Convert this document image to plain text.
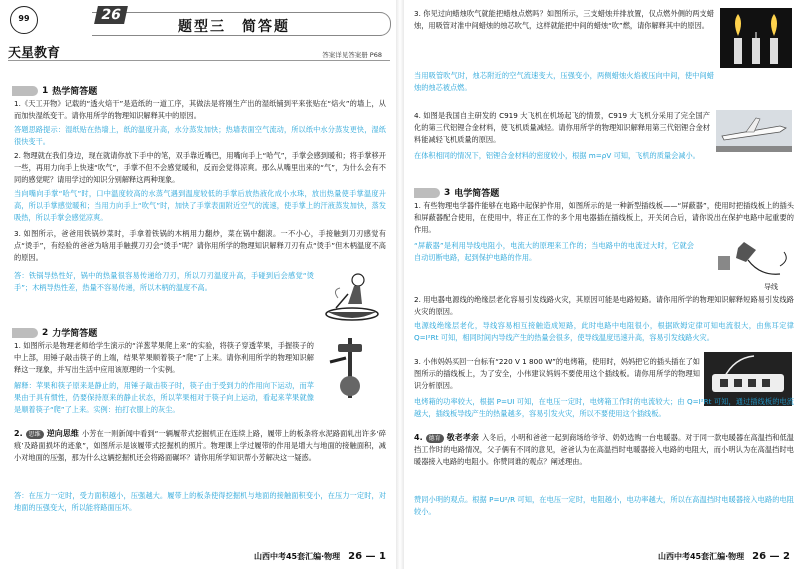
99
天星教育
26
题型三　简答题
答案详见答案册 P68
1 热学简答题
1.《天工开物》记载的“透火焙干”是造纸的一道工序，其做法是将刚生产出的湿纸铺到平来张贴在“焙火”的墙上，从而加快湿纸变干。请你用所学的物理知识解释其中的原因。
答题思路提示：湿纸贴在热墙上，纸的温度升高，水分蒸发加快；热墙表面空气流动，所以纸中水分蒸发更快，湿纸很快变干。
2. 物理就在我们身边，现在就请你放下手中的笔，双手靠近嘴巴，用嘴向手上“哈气”，手掌会感到暖和；将手掌移开一些，再用力向手上快速“吹气”，手掌不但不会感觉暖和，反而会觉得凉爽。那么从嘴里出来的“气”，为什么会有不同的感觉呢？请用学过的知识分别解释这两种现象。
当向嘴向手掌“哈气”时，口中温度较高的水蒸气遇到温度较低的手掌后放热液化成小水珠，放出热量使手掌温度升高，所以手掌感觉暖和；当用力向手上“吹气”时，加快了手掌表面附近空气的流速，使手掌上的汗液蒸发加快，蒸发吸热，所以手掌会感觉凉爽。
3. 如图所示，爸爸用铁锅炒菜时，手拿着铁锅的木柄用力翻炒，菜在锅中翻滚。一不小心，手接触到刀刃感觉有点“烫手”，有经验的爸爸为啥用手触摸刀刃会“烫手”呢？请你用所学的物理知识解释刀刃有点“烫手”但木柄温度不高的原因。
答：铁锅导热性好，锅中的热量很容易传递给刀刃，所以刀刃温度升高，手碰到后会感觉“烫手”；木柄导热性差，热量不容易传递，所以木柄的温度不高。
2 力学简答题
1. 如图所示是物理老师给学生演示的“洋葱苹果爬上来”的实验，将筷子穿透苹果，手握筷子的中上部，用锤子敲击筷子的上端，结果苹果顺着筷子“爬”了上来。请你利用所学的物理知识解释这一现象，并写出生活中应用该原理的一个实例。
解释：苹果和筷子原来是静止的，用锤子敲击筷子时，筷子由于受到力的作用向下运动，而苹果由于具有惯性，仍要保持原来的静止状态，所以苹果相对于筷子向上运动，看起来苹果就像是顺着筷子“爬”了上来。实例：拍打衣服上的灰尘。
2. 思维 逆向思维 小芳在一则新闻中看到“一辆履带式挖掘机正在连续上路，履带上的板条将水泥路面轧出许多‘碎痕’及路面损坏的迹象”，如图所示是该履带式挖掘机的照片。物理课上学过履带的作用是增大与地面的接触面积，减小对地面的压强，那为什么这辆挖掘机还会将路面碾坏？请你用所学知识帮小芳解决这一疑惑。
答：在压力一定时，受力面积越小，压强越大。履带上的板条使得挖掘机与地面的接触面积变小，在压力一定时，对地面的压强变大，所以能将路面压坏。
山西中考45套汇编·物理 26 — 1
3. 你见过向蜡烛吹气就能把蜡烛点燃吗？如图所示，三支蜡烛并排放置，仅点燃外侧的两支蜡烛，用吸管对准中间蜡烛的烛芯吹气，这样就能把中间的蜡烛“吹”燃，请你解释其中的原因。
当用吸管吹气时，烛芯附近的空气流速变大，压强变小，两侧蜡烛火焰被压向中间，使中间蜡烛的烛芯被点燃。
4. 如图是我国自主研发的 C919 大飞机在机场起飞的情景，C919 大飞机分采用了完全国产化的第三代铝锂合金材料，使飞机质量减轻。请你用所学的物理知识解释用第三代铝锂合金材料能减轻飞机质量的原因。
在体积相同的情况下，铝锂合金材料的密度较小，根据 m=ρV 可知，飞机的质量会减小。
3 电学简答题
1. 有些物理电学器件能够在电路中起保护作用，如图所示的是一种新型插线板——“屏蔽器”，使用时把插线板上的插头和屏蔽器配合使用，在使用中，将正在工作的多个用电器插在插线板上，开关闭合后，请你说出在保护电路中起重要的作用。
“屏蔽器”是利用导线电阻小，电流大的原理来工作的；当电路中的电流过大时，它就会自动切断电路，起到保护电路的作用。
导线
2. 用电器电源线的绝缘层老化容易引发线路火灾，其原因可能是电路短路。请你用所学的物理知识解释短路易引发线路火灾的原因。
电源线绝缘层老化，导线容易相互接触造成短路，此时电路中电阻很小，根据欧姆定律可知电流很大，由焦耳定律 Q=I²Rt 可知，相同时间内导线产生的热量会很多，使导线温度迅速升高，容易引发线路火灾。
3. 小伟妈妈买回一台标有“220 V 1 800 W”的电烤箱，使用时，妈妈把它的插头插在了如图所示的插线板上，为了安全，小伟建议妈妈不要使用这个插线板。请你用所学的物理知识分析原因。
电烤箱的功率较大，根据 P=UI 可知，在电压一定时，电烤箱工作时的电流较大；由 Q=I²Rt 可知，通过插线板的电流越大，插线板导线产生的热量越多，容易引发火灾，所以不要使用这个插线板。
4. 德育 敬老孝亲 入冬后，小明和爸爸一起到商场给爷爷、奶奶选购一台电暖器。对于同一款电暖器在高温挡和低温挡工作时的电路情况，父子俩有不同的意见，爸爸认为在高温挡时电暖器接入电路的电阻大，而小明认为在高温挡时电暖器接入电路的电阻小。你赞同谁的观点？阐述理由。
赞同小明的观点。根据 P=U²/R 可知，在电压一定时，电阻越小，电功率越大，所以在高温挡时电暖器接入电路的电阻较小。
山西中考45套汇编·物理 26 — 2
